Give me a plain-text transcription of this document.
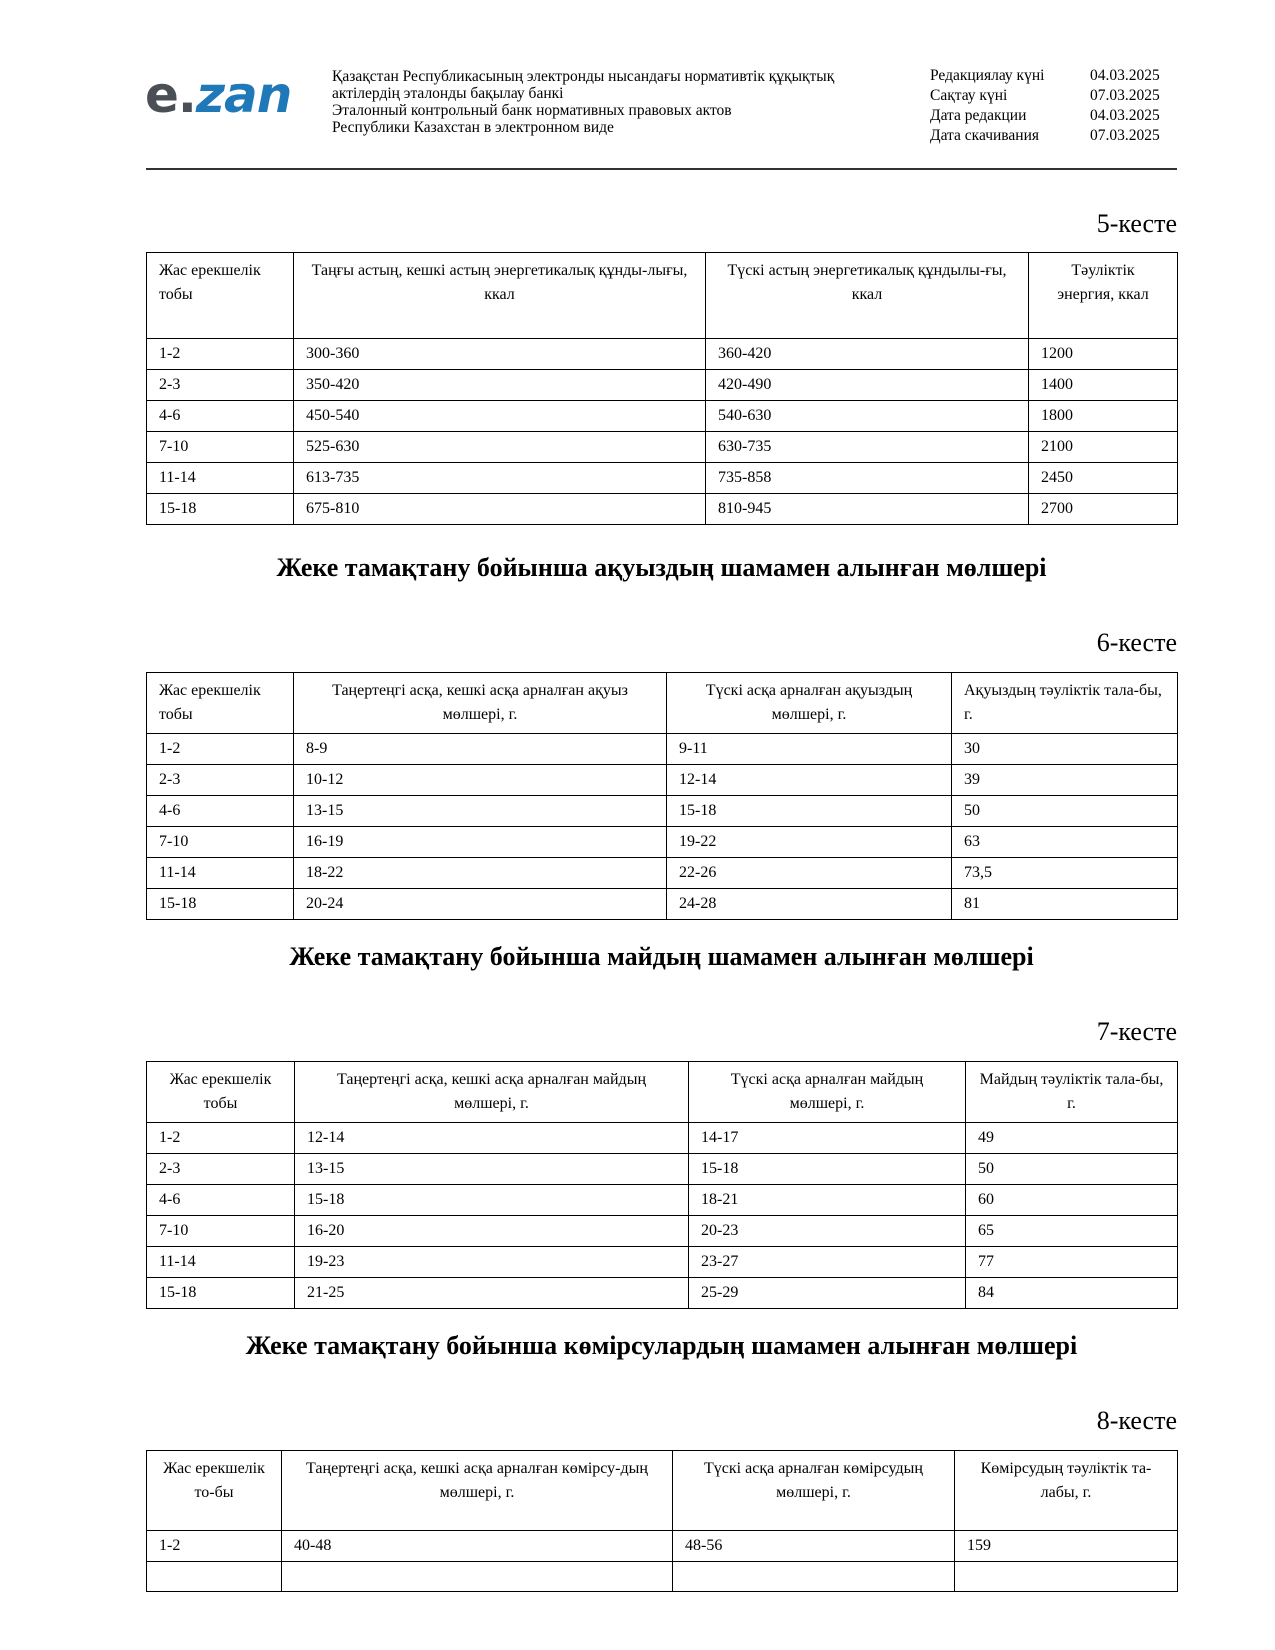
e.zan	Қазақстан Республикасының электронды нысандағы нормативтік құқықтық
актілердің эталонды бақылау банкі
Эталонный контрольный банк нормативных правовых актов
Республики Казахстан в электронном виде
Редакциялау күні	04.03.2025
Сақтау күні	07.03.2025
Дата редакции	04.03.2025
Дата скачивания	07.03.2025
5-кесте
Жас ерекшелік тобы	Таңғы астың, кешкі астың энергетикалық құнды-лығы, ккал	Түскі астың энергетикалық құндылы-ғы, ккал	Тәуліктік энергия, ккал
1-2	300-360	360-420	1200
2-3	350-420	420-490	1400
4-6	450-540	540-630	1800
7-10	525-630	630-735	2100
11-14	613-735	735-858	2450
15-18	675-810	810-945	2700
Жеке тамақтану бойынша ақуыздың шамамен алынған мөлшері
6-кесте
Жас ерекшелік тобы	Таңертеңгі асқа, кешкі асқа арналған ақуыз мөлшері, г.	Түскі асқа арналған ақуыздың мөлшері, г.	Ақуыздың тәуліктік тала-бы, г.
1-2	8-9	9-11	30
2-3	10-12	12-14	39
4-6	13-15	15-18	50
7-10	16-19	19-22	63
11-14	18-22	22-26	73,5
15-18	20-24	24-28	81
Жеке тамақтану бойынша майдың шамамен алынған мөлшері
7-кесте
Жас ерекшелік тобы	Таңертеңгі асқа, кешкі асқа арналған майдың мөлшері, г.	Түскі асқа арналған майдың мөлшері, г.	Майдың тәуліктік тала-бы, г.
1-2	12-14	14-17	49
2-3	13-15	15-18	50
4-6	15-18	18-21	60
7-10	16-20	20-23	65
11-14	19-23	23-27	77
15-18	21-25	25-29	84
Жеке тамақтану бойынша көмірсулардың шамамен алынған мөлшері
8-кесте
Жас ерекшелік то-бы	Таңертеңгі асқа, кешкі асқа арналған көмірсу-дың мөлшері, г.	Түскі асқа арналған көмірсудың мөлшері, г.	Көмірсудың тәуліктік та-лабы, г.
1-2	40-48	48-56	159
